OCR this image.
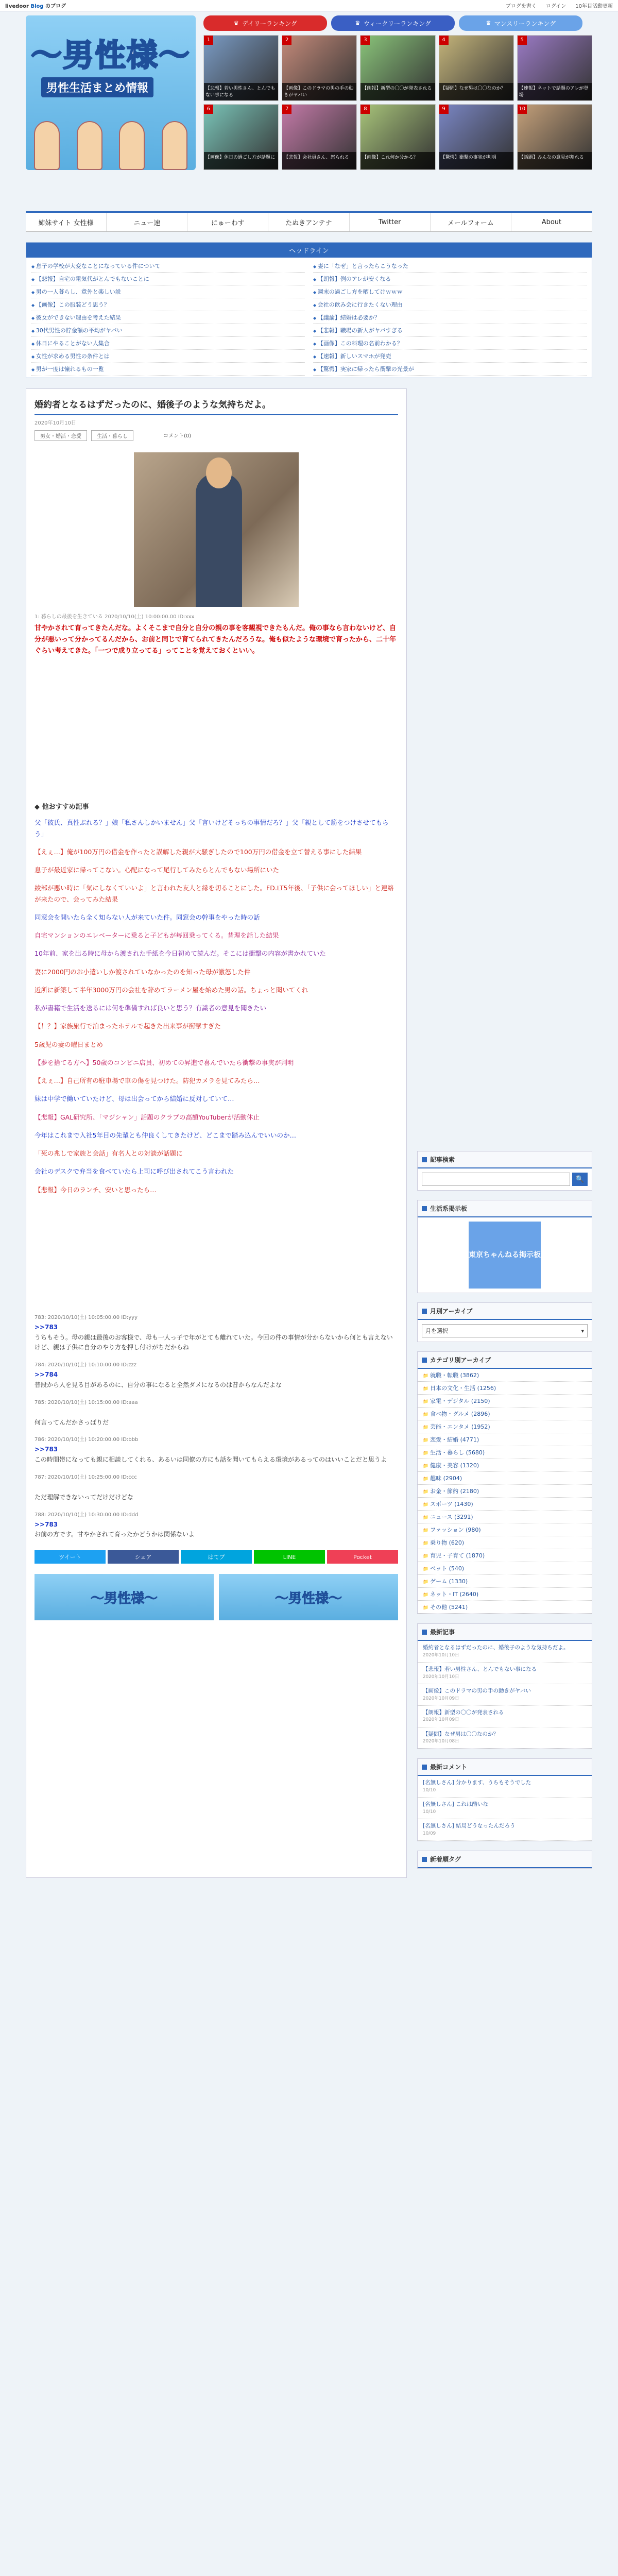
livedoor Blog のブログ	ブログを書く ログイン 10年目活動更新
〜男性様〜
男性生活まとめ情報
♛ デイリーランキング	♛ ウィークリーランキング	♛ マンスリーランキング
1
【悲報】若い男性さん、とんでもない事になる
2
【画像】このドラマの男の手の動きがヤバい
3
【朗報】新型の〇〇が発表される
4
【疑問】なぜ男は〇〇なのか？
5
【速報】ネットで話題のアレが登場
6
【画像】休日の過ごし方が話題に
7
【悲報】会社員さん、怒られる
8
【画像】これ何か分かる？
9
【驚愕】衝撃の事実が判明
10
【話題】みんなの意見が割れる
姉妹サイト 女性様	ニュー速	にゅーわす	たぬきアンテナ	Twitter	メールフォーム	About
ヘッドライン
◆ 息子の学校が大変なことになっている件について	◆ 妻に「なぜ」と言ったらこうなった
◆ 【悲報】自宅の電気代がとんでもないことに	◆ 【朗報】例のアレが安くなる
◆ 男の一人暮らし、意外と楽しい説	◆ 週末の過ごし方を晒してけｗｗｗ
◆ 【画像】この服装どう思う？	◆ 会社の飲み会に行きたくない理由
◆ 彼女ができない理由を考えた結果	◆ 【議論】結婚は必要か？
◆ 30代男性の貯金額の平均がヤバい	◆ 【悲報】職場の新人がヤバすぎる
◆ 休日にやることがない人集合	◆ 【画像】この料理の名前わかる？
◆ 女性が求める男性の条件とは	◆ 【速報】新しいスマホが発売
◆ 男が一度は憧れるもの一覧	◆ 【驚愕】実家に帰ったら衝撃の光景が
婚約者となるはずだったのに、婚後子のような気持ちだよ。
2020年10月10日
男女・婚活・恋愛	生活・暮らし	コメント(0)
1: 暮らしの最後を生きている 2020/10/10(土) 10:00:00.00 ID:xxx
甘やかされて育ってきたんだな。よくそこまで自分と自分の親の事を客観視できたもんだ。俺の事なら言わないけど、自分が悪いって分かってるんだから、お前と同じで育てられてきたんだろうな。俺も似たような環境で育ったから、二十年ぐらい考えてきた。「一つで成り立ってる」ってことを覚えておくといい。
◆ 他おすすめ記事
父「彼氏、真性ぶれる？」娘「私さんしかいません」父「言いけどそっちの事情だろ？」父「親として筋をつけさせてもらう」
【えぇ…】俺が100万円の借金を作ったと誤解した親が大騒ぎしたので100万円の借金を立て替える事にした結果
息子が最近家に帰ってこない。心配になって尾行してみたらとんでもない場所にいた
綾部が悪い時に「気にしなくていいよ」と言われた友人と縁を切ることにした。FD.LT5年後、「子供に会ってほしい」と連絡が来たので、会ってみた結果
同窓会を開いたら全く知らない人が来ていた件。同窓会の幹事をやった時の話
自宅マンションのエレベーターに乗ると子どもが毎回乗ってくる。昔理を話した結果
10年前、家を出る時に母から渡された手紙を今日初めて読んだ。そこには衝撃の内容が書かれていた
妻に2000円のお小遣いしか渡されていなかったのを知った母が激怒した件
近所に新築して半年3000万円の会社を辞めてラーメン屋を始めた男の話。ちょっと聞いてくれ
私が書籍で生活を送るには何を準備すれば良いと思う？有識者の意見を聞きたい
【！？】家族旅行で泊まったホテルで起きた出来事が衝撃すぎた
5歳児の妻の曜日まとめ
【夢を捨てる方へ】50歳のコンビニ店員、初めての昇進で喜んでいたら衝撃の事実が判明
【えぇ…】自己所有の駐車場で車の傷を見つけた。防犯カメラを見てみたら…
妹は中学で働いていたけど、母は出会ってから結婚に反対していて…
【悲報】GAL研究所、「マジシャン」話題のクラブの高額YouTuberが活動休止
今年はこれまで入社5年目の先輩とも仲良くしてきたけど、どこまで踏み込んでいいのか…
「死の兆しで家族と会話」有名人との対談が話題に
会社のデスクで弁当を食べていたら上司に呼び出されてこう言われた
【悲報】今日のランチ、安いと思ったら…
783: 2020/10/10(土) 10:05:00.00 ID:yyy
>>783
うちもそう。母の親は最後のお客様で、母も一人っ子で年がとても離れていた。今回の件の事情が分からないから何とも言えないけど、親は子供に自分のやり方を押し付けがちだからね
784: 2020/10/10(土) 10:10:00.00 ID:zzz
>>784
普段から人を見る目があるのに、自分の事になると全然ダメになるのは昔からなんだよな
785: 2020/10/10(土) 10:15:00.00 ID:aaa

何言ってんだかさっぱりだ
786: 2020/10/10(土) 10:20:00.00 ID:bbb
>>783
この時間帯になっても親に相談してくれる、あるいは同僚の方にも話を聞いてもらえる環境があるってのはいいことだと思うよ
787: 2020/10/10(土) 10:25:00.00 ID:ccc

ただ理解できないってだけだけどな
788: 2020/10/10(土) 10:30:00.00 ID:ddd
>>783
お前の方です。甘やかされて育ったかどうかは関係ないよ
ツイート	シェア	はてブ	LINE	Pocket
〜男性様〜	〜男性様〜
記事検索
🔍
生活系掲示板
東京ちゃんねる掲示板
月別アーカイブ
月を選択	▾
カテゴリ別アーカイブ
📁 就職・転職 (3862)
📁 日本の文化・生活 (1256)
📁 家電・デジタル (2150)
📁 食べ物・グルメ (2896)
📁 芸能・エンタメ (1952)
📁 恋愛・結婚 (4771)
📁 生活・暮らし (5680)
📁 健康・美容 (1320)
📁 趣味 (2904)
📁 お金・節約 (2180)
📁 スポーツ (1430)
📁 ニュース (3291)
📁 ファッション (980)
📁 乗り物 (620)
📁 育児・子育て (1870)
📁 ペット (540)
📁 ゲーム (1330)
📁 ネット・IT (2640)
📁 その他 (5241)
最新記事
婚約者となるはずだったのに、婚後子のような気持ちだよ。
2020年10月10日
【悲報】若い男性さん、とんでもない事になる
2020年10月10日
【画像】このドラマの男の手の動きがヤバい
2020年10月09日
【朗報】新型の〇〇が発表される
2020年10月09日
【疑問】なぜ男は〇〇なのか？
2020年10月08日
最新コメント
[名無しさん] 分かります、うちもそうでした
10/10
[名無しさん] これは酷いな
10/10
[名無しさん] 結局どうなったんだろう
10/09
新着順タグ
